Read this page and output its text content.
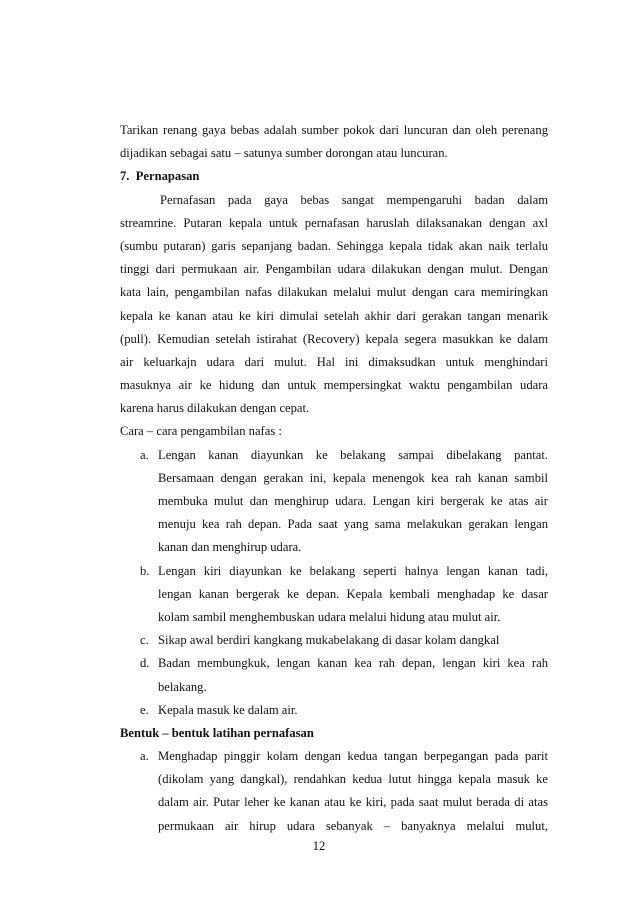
Tarikan renang gaya bebas adalah sumber pokok dari luncuran dan oleh perenang
dijadikan sebagai satu – satunya sumber dorongan atau luncuran.
7.  Pernapasan
Pernafasan pada gaya bebas sangat mempengaruhi badan dalam
streamrine. Putaran kepala untuk pernafasan haruslah dilaksanakan dengan axl
(sumbu putaran) garis sepanjang badan. Sehingga kepala tidak akan naik terlalu
tinggi dari permukaan air. Pengambilan udara dilakukan dengan mulut. Dengan
kata lain, pengambilan nafas dilakukan melalui mulut dengan cara memiringkan
kepala ke kanan atau ke kiri dimulai setelah akhir dari gerakan tangan menarik
(pull). Kemudian setelah istirahat (Recovery) kepala segera masukkan ke dalam
air keluarkajn udara dari mulut. Hal ini dimaksudkan untuk menghindari
masuknya air ke hidung dan untuk mempersingkat waktu pengambilan udara
karena harus dilakukan dengan cepat.
Cara – cara pengambilan nafas :
a. Lengan kanan diayunkan ke belakang sampai dibelakang pantat.
Bersamaan dengan gerakan ini, kepala menengok kea rah kanan sambil
membuka mulut dan menghirup udara. Lengan kiri bergerak ke atas air
menuju kea rah depan. Pada saat yang sama melakukan gerakan lengan
kanan dan menghirup udara.
b. Lengan kiri diayunkan ke belakang seperti halnya lengan kanan tadi,
lengan kanan bergerak ke depan. Kepala kembali menghadap ke dasar
kolam sambil menghembuskan udara melalui hidung atau mulut air.
c. Sikap awal berdiri kangkang mukabelakang di dasar kolam dangkal
d. Badan membungkuk, lengan kanan kea rah depan, lengan kiri kea rah
belakang.
e. Kepala masuk ke dalam air.
Bentuk – bentuk latihan pernafasan
a. Menghadap pinggir kolam dengan kedua tangan berpegangan pada parit
(dikolam yang dangkal), rendahkan kedua lutut hingga kepala masuk ke
dalam air. Putar leher ke kanan atau ke kiri, pada saat mulut berada di atas
permukaan air hirup udara sebanyak – banyaknya melalui mulut,
12
